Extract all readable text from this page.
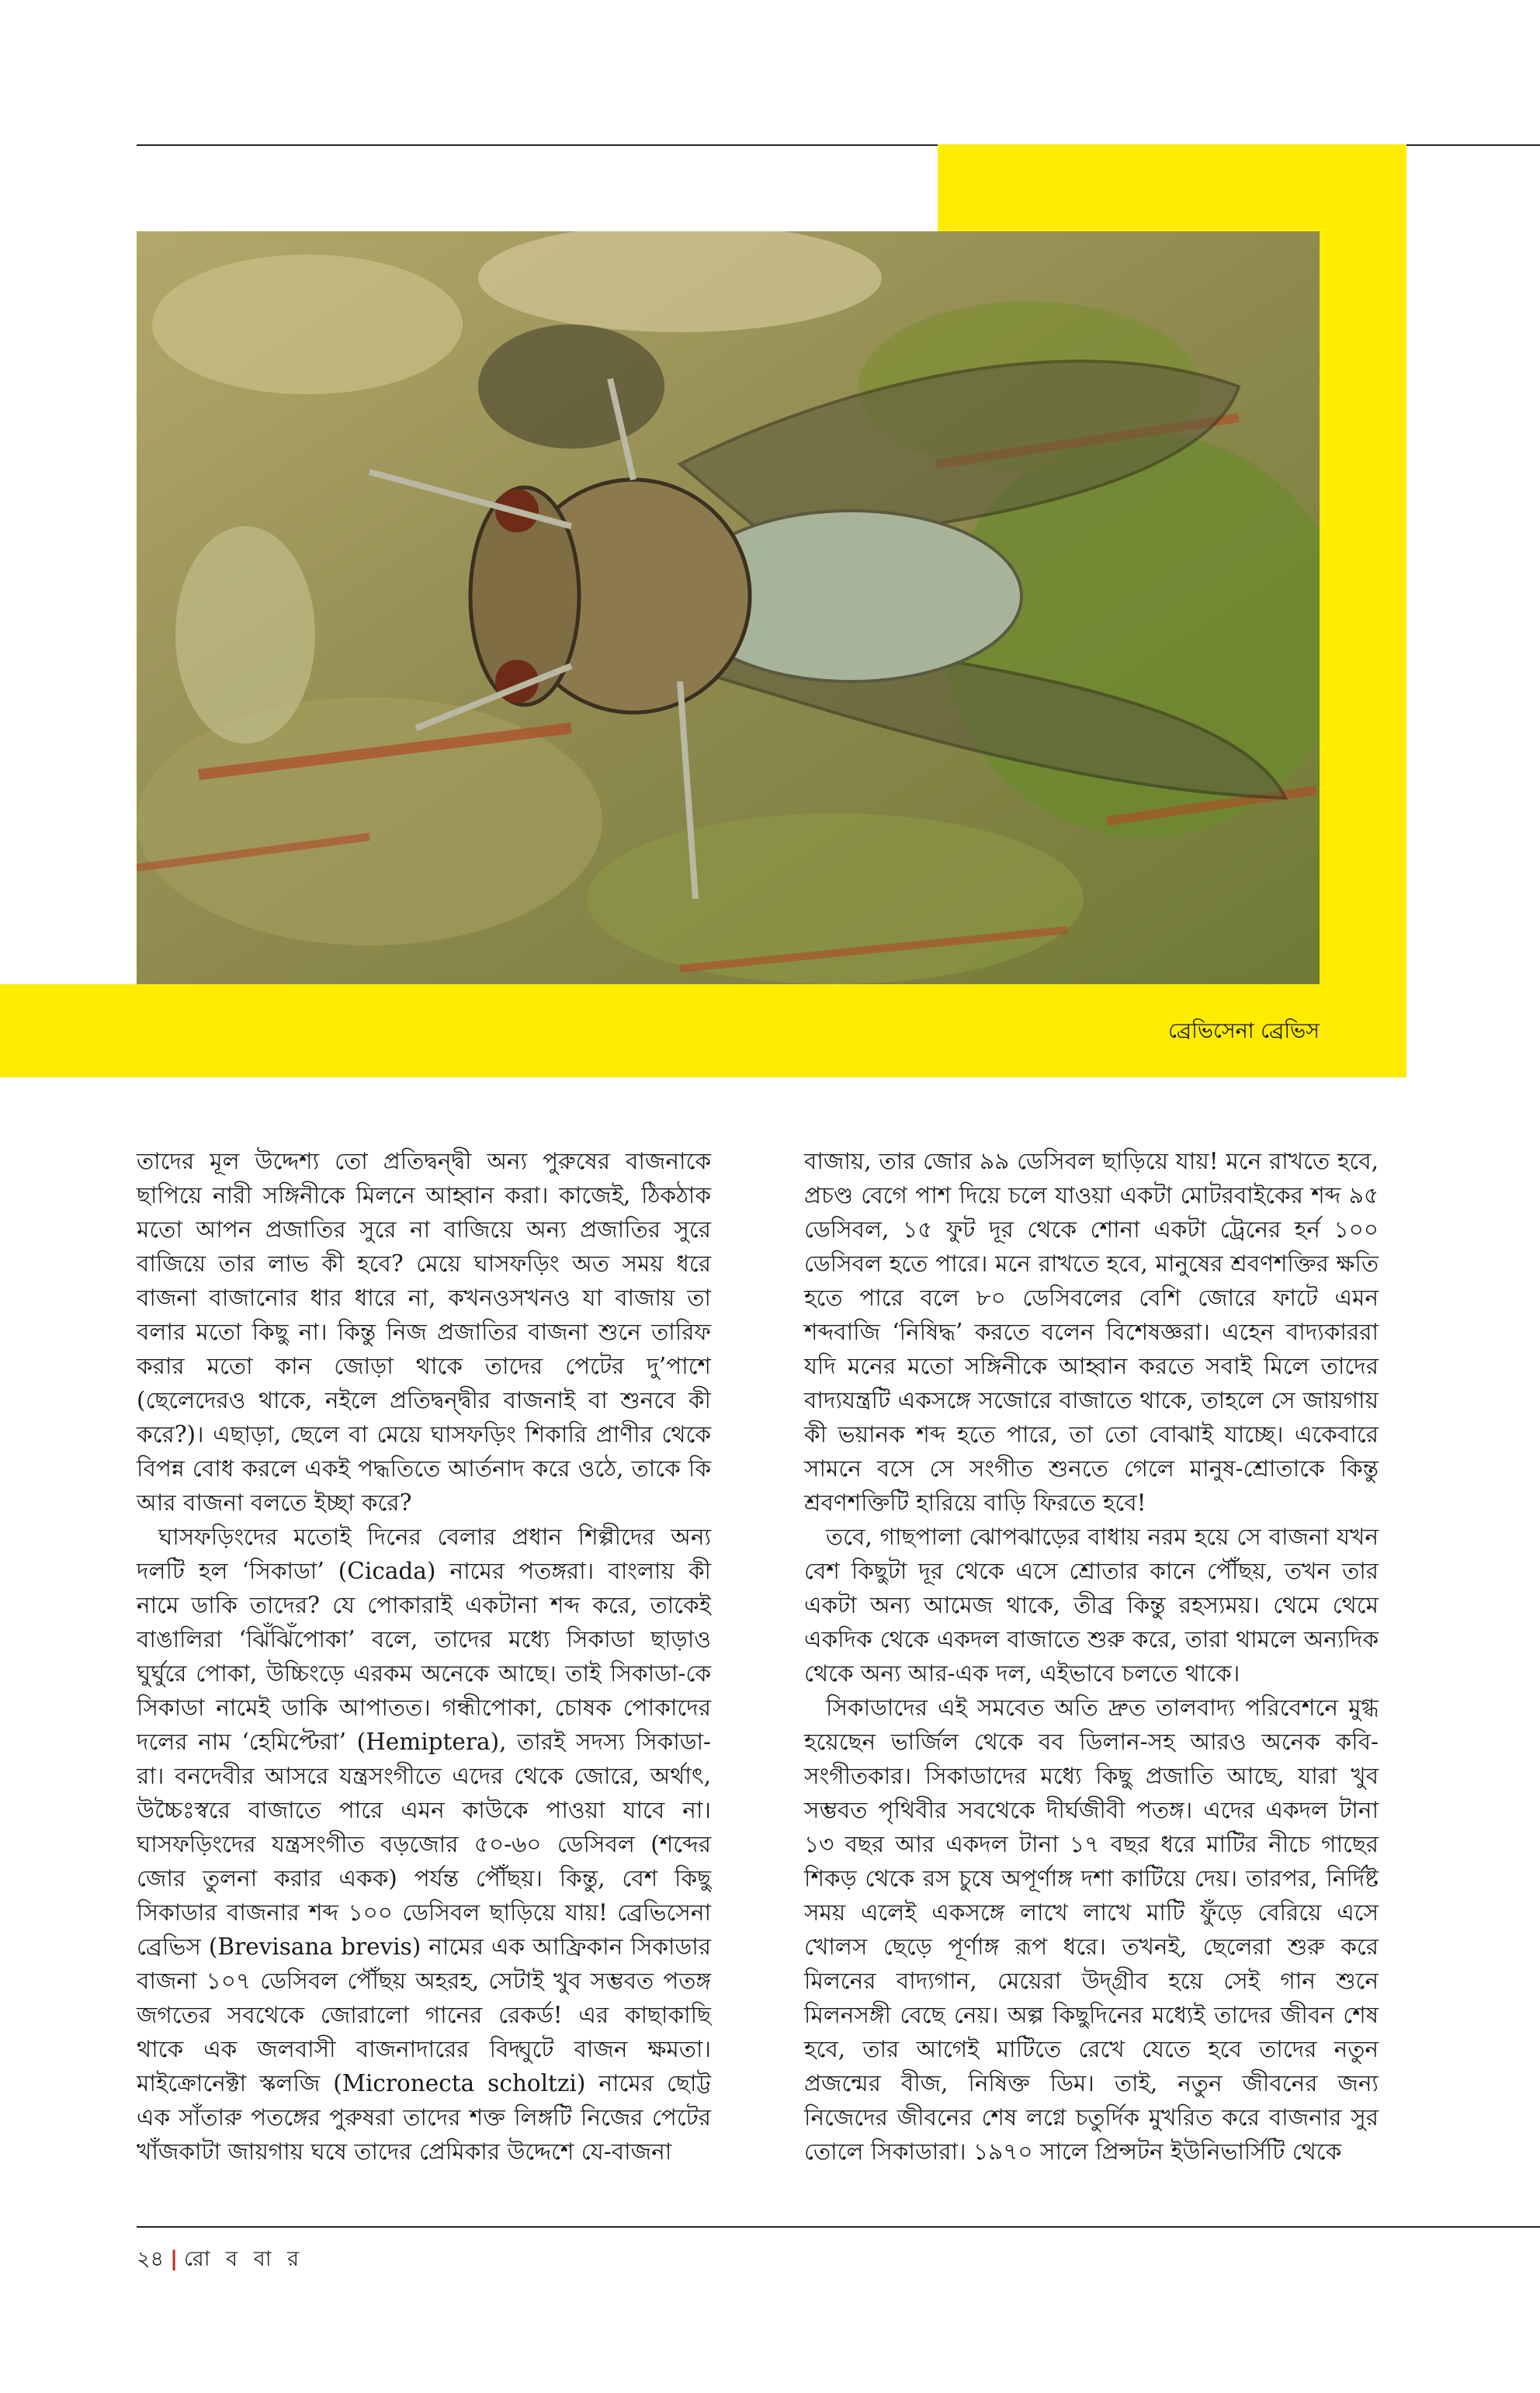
ব্রেভিসেনা ব্রেভিস

তাদের মূল উদ্দেশ্য তো প্রতিদ্বন্দ্বী অন্য পুরুষের বাজনাকে ছাপিয়ে নারী সঙ্গিনীকে মিলনে আহ্বান করা। কাজেই, ঠিকঠাক মতো আপন প্রজাতির সুরে না বাজিয়ে অন্য প্রজাতির সুরে বাজিয়ে তার লাভ কী হবে? মেয়ে ঘাসফড়িং অত সময় ধরে বাজনা বাজানোর ধার ধারে না, কখনওসখনও যা বাজায় তা বলার মতো কিছু না। কিন্তু নিজ প্রজাতির বাজনা শুনে তারিফ করার মতো কান জোড়া থাকে তাদের পেটের দু’পাশে (ছেলেদেরও থাকে, নইলে প্রতিদ্বন্দ্বীর বাজনাই বা শুনবে কী করে?)। এছাড়া, ছেলে বা মেয়ে ঘাসফড়িং শিকারি প্রাণীর থেকে বিপন্ন বোধ করলে একই পদ্ধতিতে আর্তনাদ করে ওঠে, তাকে কি আর বাজনা বলতে ইচ্ছা করে?

ঘাসফড়িংদের মতোই দিনের বেলার প্রধান শিল্পীদের অন্য দলটি হল ‘সিকাডা’ (Cicada) নামের পতঙ্গরা। বাংলায় কী নামে ডাকি তাদের? যে পোকারাই একটানা শব্দ করে, তাকেই বাঙালিরা ‘ঝিঁঝিঁপোকা’ বলে, তাদের মধ্যে সিকাডা ছাড়াও ঘুর্ঘুরে পোকা, উচ্চিংড়ে এরকম অনেকে আছে। তাই সিকাডা-কে সিকাডা নামেই ডাকি আপাতত। গন্ধীপোকা, চোষক পোকাদের দলের নাম ‘হেমিপ্টেরা’ (Hemiptera), তারই সদস্য সিকাডা-রা। বনদেবীর আসরে যন্ত্রসংগীতে এদের থেকে জোরে, অর্থাৎ, উচ্চৈঃস্বরে বাজাতে পারে এমন কাউকে পাওয়া যাবে না। ঘাসফড়িংদের যন্ত্রসংগীত বড়জোর ৫০-৬০ ডেসিবল (শব্দের জোর তুলনা করার একক) পর্যন্ত পৌঁছয়। কিন্তু, বেশ কিছু সিকাডার বাজনার শব্দ ১০০ ডেসিবল ছাড়িয়ে যায়! ব্রেভিসেনা ব্রেভিস (Brevisana brevis) নামের এক আফ্রিকান সিকাডার বাজনা ১০৭ ডেসিবল পৌঁছয় অহরহ, সেটাই খুব সম্ভবত পতঙ্গ জগতের সবথেকে জোরালো গানের রেকর্ড! এর কাছাকাছি থাকে এক জলবাসী বাজনাদারের বিদ্ঘুটে বাজন ক্ষমতা। মাইক্রোনেক্টা স্কলজি (Micronecta scholtzi) নামের ছোট্ট এক সাঁতারু পতঙ্গের পুরুষরা তাদের শক্ত লিঙ্গটি নিজের পেটের খাঁজকাটা জায়গায় ঘষে তাদের প্রেমিকার উদ্দেশে যে-বাজনা

বাজায়, তার জোর ৯৯ ডেসিবল ছাড়িয়ে যায়! মনে রাখতে হবে, প্রচণ্ড বেগে পাশ দিয়ে চলে যাওয়া একটা মোটরবাইকের শব্দ ৯৫ ডেসিবল, ১৫ ফুট দূর থেকে শোনা একটা ট্রেনের হর্ন ১০০ ডেসিবল হতে পারে। মনে রাখতে হবে, মানুষের শ্রবণশক্তির ক্ষতি হতে পারে বলে ৮০ ডেসিবলের বেশি জোরে ফাটে এমন শব্দবাজি ‘নিষিদ্ধ’ করতে বলেন বিশেষজ্ঞরা। এহেন বাদ্যকাররা যদি মনের মতো সঙ্গিনীকে আহ্বান করতে সবাই মিলে তাদের বাদ্যযন্ত্রটি একসঙ্গে সজোরে বাজাতে থাকে, তাহলে সে জায়গায় কী ভয়ানক শব্দ হতে পারে, তা তো বোঝাই যাচ্ছে। একেবারে সামনে বসে সে সংগীত শুনতে গেলে মানুষ-শ্রোতাকে কিন্তু শ্রবণশক্তিটি হারিয়ে বাড়ি ফিরতে হবে!

তবে, গাছপালা ঝোপঝাড়ের বাধায় নরম হয়ে সে বাজনা যখন বেশ কিছুটা দূর থেকে এসে শ্রোতার কানে পৌঁছয়, তখন তার একটা অন্য আমেজ থাকে, তীব্র কিন্তু রহস্যময়। থেমে থেমে একদিক থেকে একদল বাজাতে শুরু করে, তারা থামলে অন্যদিক থেকে অন্য আর-এক দল, এইভাবে চলতে থাকে।

সিকাডাদের এই সমবেত অতি দ্রুত তালবাদ্য পরিবেশনে মুগ্ধ হয়েছেন ভার্জিল থেকে বব ডিলান-সহ আরও অনেক কবি-সংগীতকার। সিকাডাদের মধ্যে কিছু প্রজাতি আছে, যারা খুব সম্ভবত পৃথিবীর সবথেকে দীর্ঘজীবী পতঙ্গ। এদের একদল টানা ১৩ বছর আর একদল টানা ১৭ বছর ধরে মাটির নীচে গাছের শিকড় থেকে রস চুষে অপূর্ণাঙ্গ দশা কাটিয়ে দেয়। তারপর, নির্দিষ্ট সময় এলেই একসঙ্গে লাখে লাখে মাটি ফুঁড়ে বেরিয়ে এসে খোলস ছেড়ে পূর্ণাঙ্গ রূপ ধরে। তখনই, ছেলেরা শুরু করে মিলনের বাদ্যগান, মেয়েরা উদ্গ্রীব হয়ে সেই গান শুনে মিলনসঙ্গী বেছে নেয়। অল্প কিছুদিনের মধ্যেই তাদের জীবন শেষ হবে, তার আগেই মাটিতে রেখে যেতে হবে তাদের নতুন প্রজন্মের বীজ, নিষিক্ত ডিম। তাই, নতুন জীবনের জন্য নিজেদের জীবনের শেষ লগ্নে চতুর্দিক মুখরিত করে বাজনার সুর তোলে সিকাডারা। ১৯৭০ সালে প্রিন্সটন ইউনিভার্সিটি থেকে

২৪ | রো ব বা র
